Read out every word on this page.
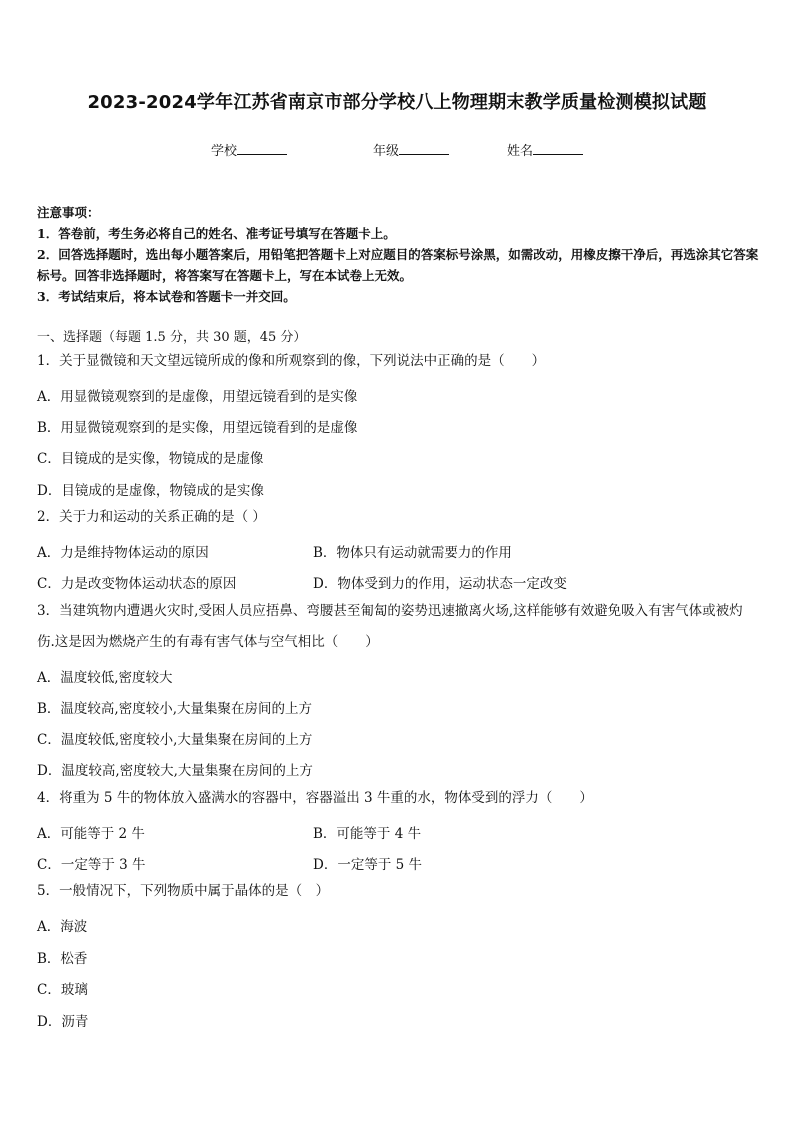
2023-2024学年江苏省南京市部分学校八上物理期末教学质量检测模拟试题
学校	年级	姓名
注意事项：
1．答卷前，考生务必将自己的姓名、准考证号填写在答题卡上。
2．回答选择题时，选出每小题答案后，用铅笔把答题卡上对应题目的答案标号涂黑，如需改动，用橡皮擦干净后，再选涂其它答案标号。回答非选择题时，将答案写在答题卡上，写在本试卷上无效。
3．考试结束后，将本试卷和答题卡一并交回。
一、选择题（每题 1.5 分，共 30 题，45 分）
1．关于显微镜和天文望远镜所成的像和所观察到的像，下列说法中正确的是（　　）
A．用显微镜观察到的是虚像，用望远镜看到的是实像
B．用显微镜观察到的是实像，用望远镜看到的是虚像
C．目镜成的是实像，物镜成的是虚像
D．目镜成的是虚像，物镜成的是实像
2．关于力和运动的关系正确的是（ ）
A．力是维持物体运动的原因	B．物体只有运动就需要力的作用
C．力是改变物体运动状态的原因	D．物体受到力的作用，运动状态一定改变
3．当建筑物内遭遇火灾时,受困人员应捂鼻、弯腰甚至匍匐的姿势迅速撤离火场,这样能够有效避免吸入有害气体或被灼伤.这是因为燃烧产生的有毒有害气体与空气相比（　　）
A．温度较低,密度较大
B．温度较高,密度较小,大量集聚在房间的上方
C．温度较低,密度较小,大量集聚在房间的上方
D．温度较高,密度较大,大量集聚在房间的上方
4．将重为 5 牛的物体放入盛满水的容器中，容器溢出 3 牛重的水，物体受到的浮力（　　）
A．可能等于 2 牛	B．可能等于 4 牛
C．一定等于 3 牛	D．一定等于 5 牛
5．一般情况下，下列物质中属于晶体的是（　）
A．海波
B．松香
C．玻璃
D．沥青
